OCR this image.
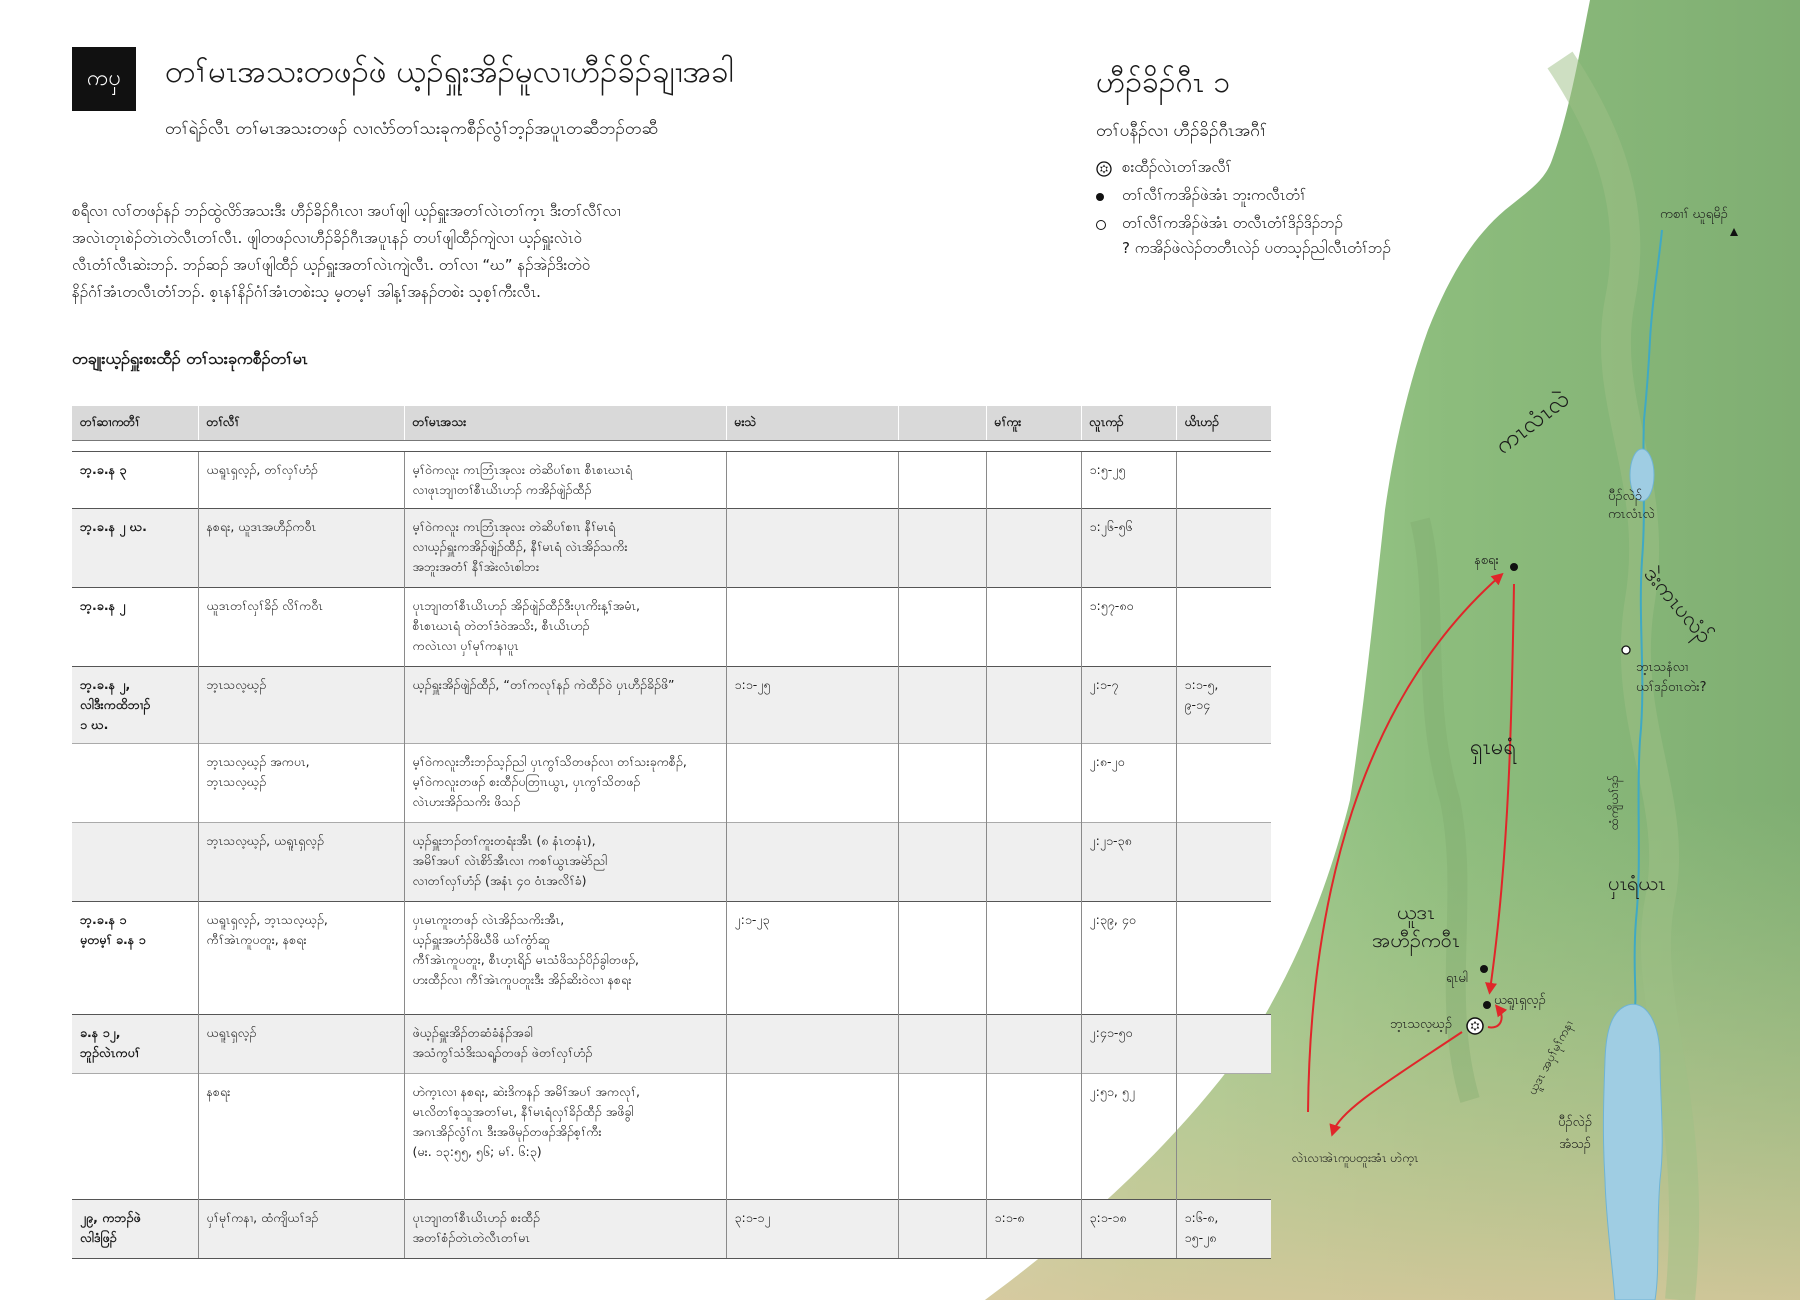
ကစၢၢ် ဃူရမိၣ်
ကၤလံၤလဲ
ပီၣ်လဲၣ်
ကၤလံၤလဲ
ဒဲးကၤပလံၣ်
ဘ့ၤသနံလၢ
ယၢ်ဒၣ်ဝၢၤတဲး?
ရှၤမရံ
ထံကျိယၢ်ဒၣ်
ပှၤရံယၤ
ယူဒၤ
အဟီၣ်ကဝီၤ
ရၤမါ
ယရူၤရှလ့ၣ်
ဘ့ၤသလ့ဃ့ၣ်
နစရး
ယူဒၤ အပှၢ်မုၢ်ကနၢ
ပီၣ်လဲၣ်
အံသၣ်
လဲၤလၢအဲၤကူပတူးအံၤ ဟဲက့ၤ
ကၦ	တၢ်မၤအသးတဖၣ်ဖဲ ယ့ၣ်ရှူးအိၣ်မူလၢဟီၣ်ခိၣ်ချၢအခါ
တၢ်ရဲၣ်လီၤ တၢ်မၤအသးတဖၣ် လၢလံာ်တၢ်သးခုကစီၣ်လွံၢ်ဘ့ၣ်အပူၤတဆီဘၣ်တဆီ
စရီလၢ လၢ်တဖၣ်နၣ် ဘၣ်ထွဲလိာ်အသးဒီး ဟီၣ်ခိၣ်ဂီၤလၢ အပၢ်ဖျါ ယ့ၣ်ရှူးအတၢ်လဲၤတၢ်က့ၤ ဒီးတၢ်လီၢ်လၢ
အလဲၤတုၤစဲၣ်တဲၤတဲလီၤတၢ်လီၤ. ဖျါတဖၣ်လၢဟီၣ်ခိၣ်ဂီၤအပူၤနၣ် တပၢ်ဖျါထီၣ်ကျဲလၢ ယ့ၣ်ရှူးလဲၤဝဲ
လီၤတံၢ်လီၤဆဲးဘၣ်. ဘၣ်ဆၣ် အပၢ်ဖျါထီၣ် ယ့ၣ်ရှူးအတၢ်လဲၤကျဲလီၤ. တၢ်လၢ “ဃ” နၣ်အဲၣ်ဒိးတဲဝဲ
နိၣ်ဂံၢ်အံၤတလီၤတံၢ်ဘၣ်. စ့ၤနၢ်နိၣ်ဂံၢ်အံၤတစဲးသ့ မ့တမ့ၢ် အါန့ၢ်အနၣ်တစဲး သ့စ့ၢ်ကီးလီၤ.
ဟီၣ်ခိၣ်ဂီၤ ၁
တၢ်ပနီၣ်လၢ ဟီၣ်ခိၣ်ဂီၤအဂီၢ်
စးထီၣ်လဲၤတၢ်အလီၢ်
တၢ်လီၢ်ကအိၣ်ဖဲအံၤ ဘူးကလီၤတံၢ်
တၢ်လီၢ်ကအိၣ်ဖဲအံၤ တလီၤတံၢ်ဒိၣ်ဒိၣ်ဘၣ်
? ကအိၣ်ဖဲလဲၣ်တတီၤလဲၣ် ပတသ့ၣ်ညါလီၤတံၢ်ဘၣ်
တချုးယ့ၣ်ရှူးစးထီၣ် တၢ်သးခုကစီၣ်တၢ်မၤ
တၢ်ဆၢကတီၢ်	တၢ်လီၢ်	တၢ်မၤအသး	မးသဲ		မၢ်ကူး	လူၤကၣ်	ယိၤဟၣ်

ဘ့.ခ.န ၃	ယရူၤရှလ့ၣ်, တၢ်လှၢ်ဟံၣ်	မ့ၢ်ဝဲကလူး ကၤဘြံၤအုလး တဲဆိပၢ်စၢၤ စီၤစၤဃၤရံ
လၢဖုၤဘျၢတၢ်စီၤယိၤဟၣ် ကအိၣ်ဖျဲၣ်ထီၣ်				၁:၅-၂၅	
ဘ့.ခ.န ၂ ဃ.	နစရး, ယူဒၤအဟီၣ်ကဝီၤ	မ့ၢ်ဝဲကလူး ကၤဘြံၤအုလး တဲဆိပၢ်စၢၤ နီၢ်မၤရံ
လၢယ့ၣ်ရှူးကအိၣ်ဖျဲၣ်ထီၣ်, နီၢ်မၤရံ လဲၤအိၣ်သကိး
အဘူးအတံၢ် နီၢ်အဲးလံၤစါဘး				၁:၂၆-၅၆	
ဘ့.ခ.န ၂	ယူဒၤတၢ်လှၢ်ခိၣ် လိၢ်ကဝီၤ	ပုၤဘျၢတၢ်စီၤယိၤဟၣ် အိၣ်ဖျဲၣ်ထီၣ်ဒီးပုၤကိးန့ၢ်အမံၤ,
စီၤစၤဃၤရံ တဲတၢ်ဒံဝဲအသိး, စီၤယိၤဟၣ်
ကလဲၤလၢ ပှၢ်မုၢ်ကနၢပူၤ				၁:၅၇-၈၀	
ဘ့.ခ.န ၂,
လါဒီးကထိဘၢၣ်
၁ ဃ.	ဘ့ၤသလ့ဃ့ၣ်	ယ့ၣ်ရှူးအိၣ်ဖျဲၣ်ထီၣ်, “တၢ်ကလုၢ်နၣ် ကဲထီၣ်ဝဲ ပှၤဟီၣ်ခိၣ်ဖိ”	၁:၁-၂၅			၂:၁-၇	၁:၁-၅,
၉-၁၄
	ဘ့ၤသလ့ဃ့ၣ် အကပၤ,
ဘ့ၤသလ့ဃ့ၣ်	မ့ၢ်ဝဲကလူးဘီးဘၣ်သ့ၣ်ညါ ပှၤကွၢ်သိတဖၣ်လၢ တၢ်သးခုကစီၣ်,
မ့ၢ်ဝဲကလူးတဖၣ် စးထီၣ်ပတြၢၤယွၤ, ပှၤကွၢ်သိတဖၣ်
လဲၤဟးအိၣ်သကိး ဖိသၣ်				၂:၈-၂၀	
	ဘ့ၤသလ့ဃ့ၣ်, ယရူၤရှလ့ၣ်	ယ့ၣ်ရှူးဘၣ်တၢ်ကူးတရံးအီၤ (၈ နံၤတနံၤ),
အမိၢ်အပၢ် လဲၤစိာ်အီၤလၢ ကစၢ်ယွၤအမဲာ်ညါ
လၢတၢ်လှၢ်ဟံၣ် (အနံၤ ၄၀ ဝံၤအလိၢ်ခံ)				၂:၂၁-၃၈	
ဘ့.ခ.န ၁
မ့တမ့ၢ် ခ.န ၁	ယရူၤရှလ့ၣ်, ဘ့ၤသလ့ဃ့ၣ်,
ကီၢ်အဲၤကူပတူး, နစရး	ပှၤမၤကူးတဖၣ် လဲၤအိၣ်သကိးအီၤ,
ယ့ၣ်ရှူးအဟံၣ်ဖိဃီဖိ ယၢ်ကွံာ်ဆူ
ကီၢ်အဲၤကူပတူး, စီၤဟ့ၤရိၣ် မၤသံဖိသၣ်ပိၣ်ခွါတဖၣ်,
ဟးထီၣ်လၢ ကီၢ်အဲၤကူပတူးဒီး အိၣ်ဆိးဝဲလၢ နစရး	၂:၁-၂၃			၂:၃၉, ၄၀	
ခ.န ၁၂,
ဘူၣ်လဲၤကပၢ်	ယရူၤရှလ့ၣ်	ဖဲယ့ၣ်ရှူးအိၣ်တဆံခံနံၣ်အခါ
အသံကွၢ်သံဒိးသရ့ၣ်တဖၣ် ဖဲတၢ်လှၢ်ဟံၣ်				၂:၄၁-၅၀	
	နစရး	ဟဲက့ၤလၢ နစရး, ဆဲးဒိကနၣ် အမိၢ်အပၢ် အကလုၢ်,
မၤလိတၢ်စ့သူအတၢ်မၤ, နီၢ်မၤရံလှၢ်ခိၣ်ထီၣ် အဖိခွါ
အဂၤအိၣ်လွံၢ်ဂၤ ဒီးအဖိမုၣ်တဖၣ်အိၣ်စ့ၢ်ကီး
(မး. ၁၃:၅၅, ၅၆; မၢ်. ၆:၃)				၂:၅၁, ၅၂	
၂၉, ကဘၣ်ဖဲ
လါဒံဖြၣ်	ပှၢ်မုၢ်ကနၢ, ထံကျိယၢ်ဒၣ်	ပုၤဘျၢတၢ်စီၤယိၤဟၣ် စးထီၣ်
အတၢ်စံၣ်တဲၤတဲလီၤတၢ်မၤ	၃:၁-၁၂		၁:၁-၈	၃:၁-၁၈	၁:၆-၈,
၁၅-၂၈
